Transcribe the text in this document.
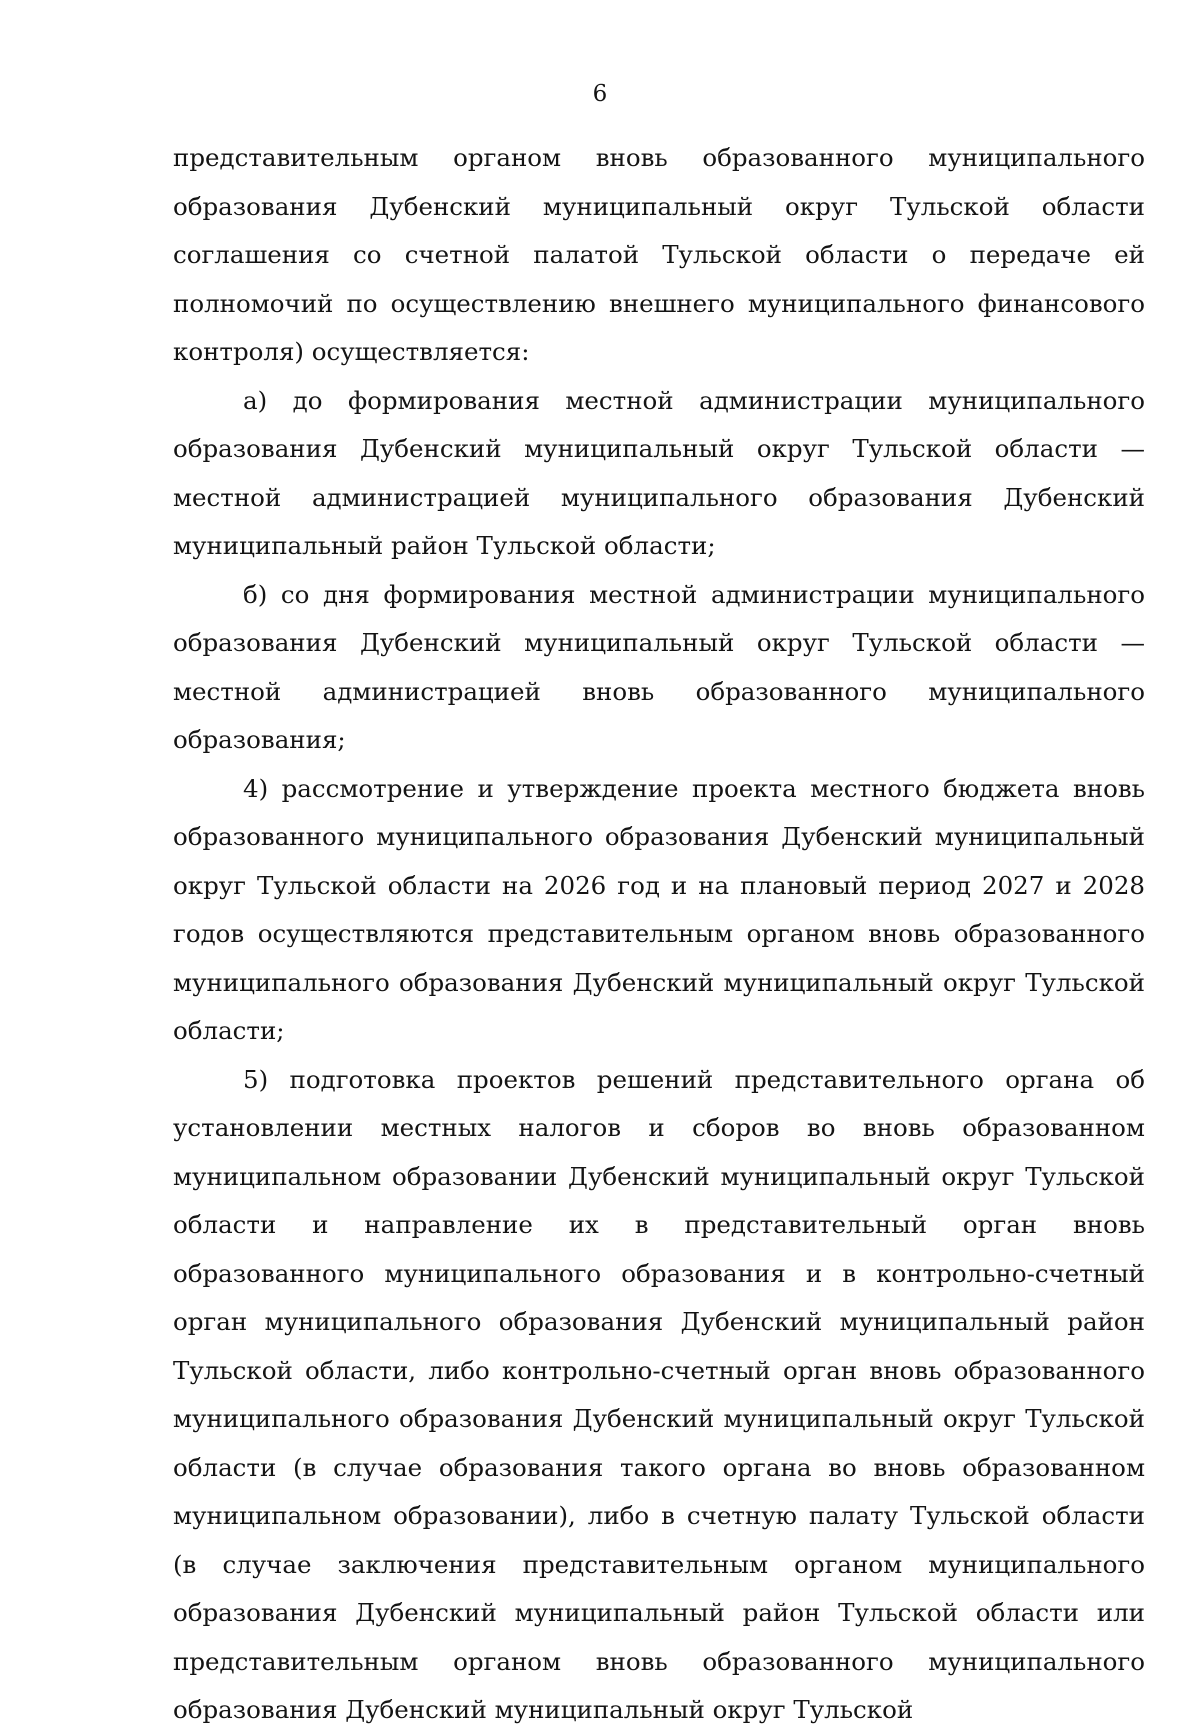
6

представительным органом вновь образованного муниципального образования Дубенский муниципальный округ Тульской области соглашения со счетной палатой Тульской области о передаче ей полномочий по осуществлению внешнего муниципального финансового контроля) осуществляется:

а) до формирования местной администрации муниципального образования Дубенский муниципальный округ Тульской области — местной администрацией муниципального образования Дубенский муниципальный район Тульской области;

б) со дня формирования местной администрации муниципального образования Дубенский муниципальный округ Тульской области — местной администрацией вновь образованного муниципального образования;

4) рассмотрение и утверждение проекта местного бюджета вновь образованного муниципального образования Дубенский муниципальный округ Тульской области на 2026 год и на плановый период 2027 и 2028 годов осуществляются представительным органом вновь образованного муниципального образования Дубенский муниципальный округ Тульской области;

5) подготовка проектов решений представительного органа об установлении местных налогов и сборов во вновь образованном муниципальном образовании Дубенский муниципальный округ Тульской области и направление их в представительный орган вновь образованного муниципального образования и в контрольно-счетный орган муниципального образования Дубенский муниципальный район Тульской области, либо контрольно-счетный орган вновь образованного муниципального образования Дубенский муниципальный округ Тульской области (в случае образования такого органа во вновь образованном муниципальном образовании), либо в счетную палату Тульской области (в случае заключения представительным органом муниципального образования Дубенский муниципальный район Тульской области или представительным органом вновь образованного муниципального образования Дубенский муниципальный округ Тульской
